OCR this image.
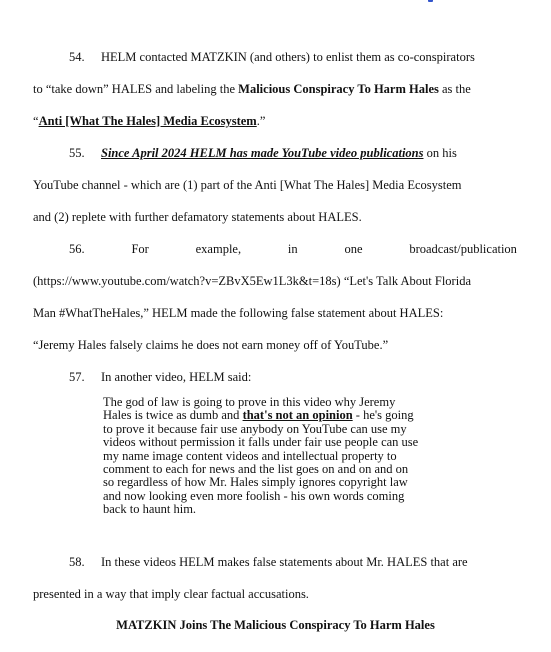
54. HELM contacted MATZKIN (and others) to enlist them as co-conspirators
to “take down” HALES and labeling the Malicious Conspiracy To Harm Hales as the
“Anti [What The Hales] Media Ecosystem.”
55. Since April 2024 HELM has made YouTube video publications on his
YouTube channel - which are (1) part of the Anti [What The Hales] Media Ecosystem
and (2) replete with further defamatory statements about HALES.
56.	For	example,	in	one	broadcast/publication
(https://www.youtube.com/watch?v=ZBvX5Ew1L3k&t=18s) “Let's Talk About Florida
Man #WhatTheHales,” HELM made the following false statement about HALES:
“Jeremy Hales falsely claims he does not earn money off of YouTube.”
57. In another video, HELM said:
The god of law is going to prove in this video why Jeremy
Hales is twice as dumb and that's not an opinion - he's going
to prove it because fair use anybody on YouTube can use my
videos without permission it falls under fair use people can use
my name image content videos and intellectual property to
comment to each for news and the list goes on and on and on
so regardless of how Mr. Hales simply ignores copyright law
and now looking even more foolish - his own words coming
back to haunt him.
58. In these videos HELM makes false statements about Mr. HALES that are
presented in a way that imply clear factual accusations.
MATZKIN Joins The Malicious Conspiracy To Harm Hales
